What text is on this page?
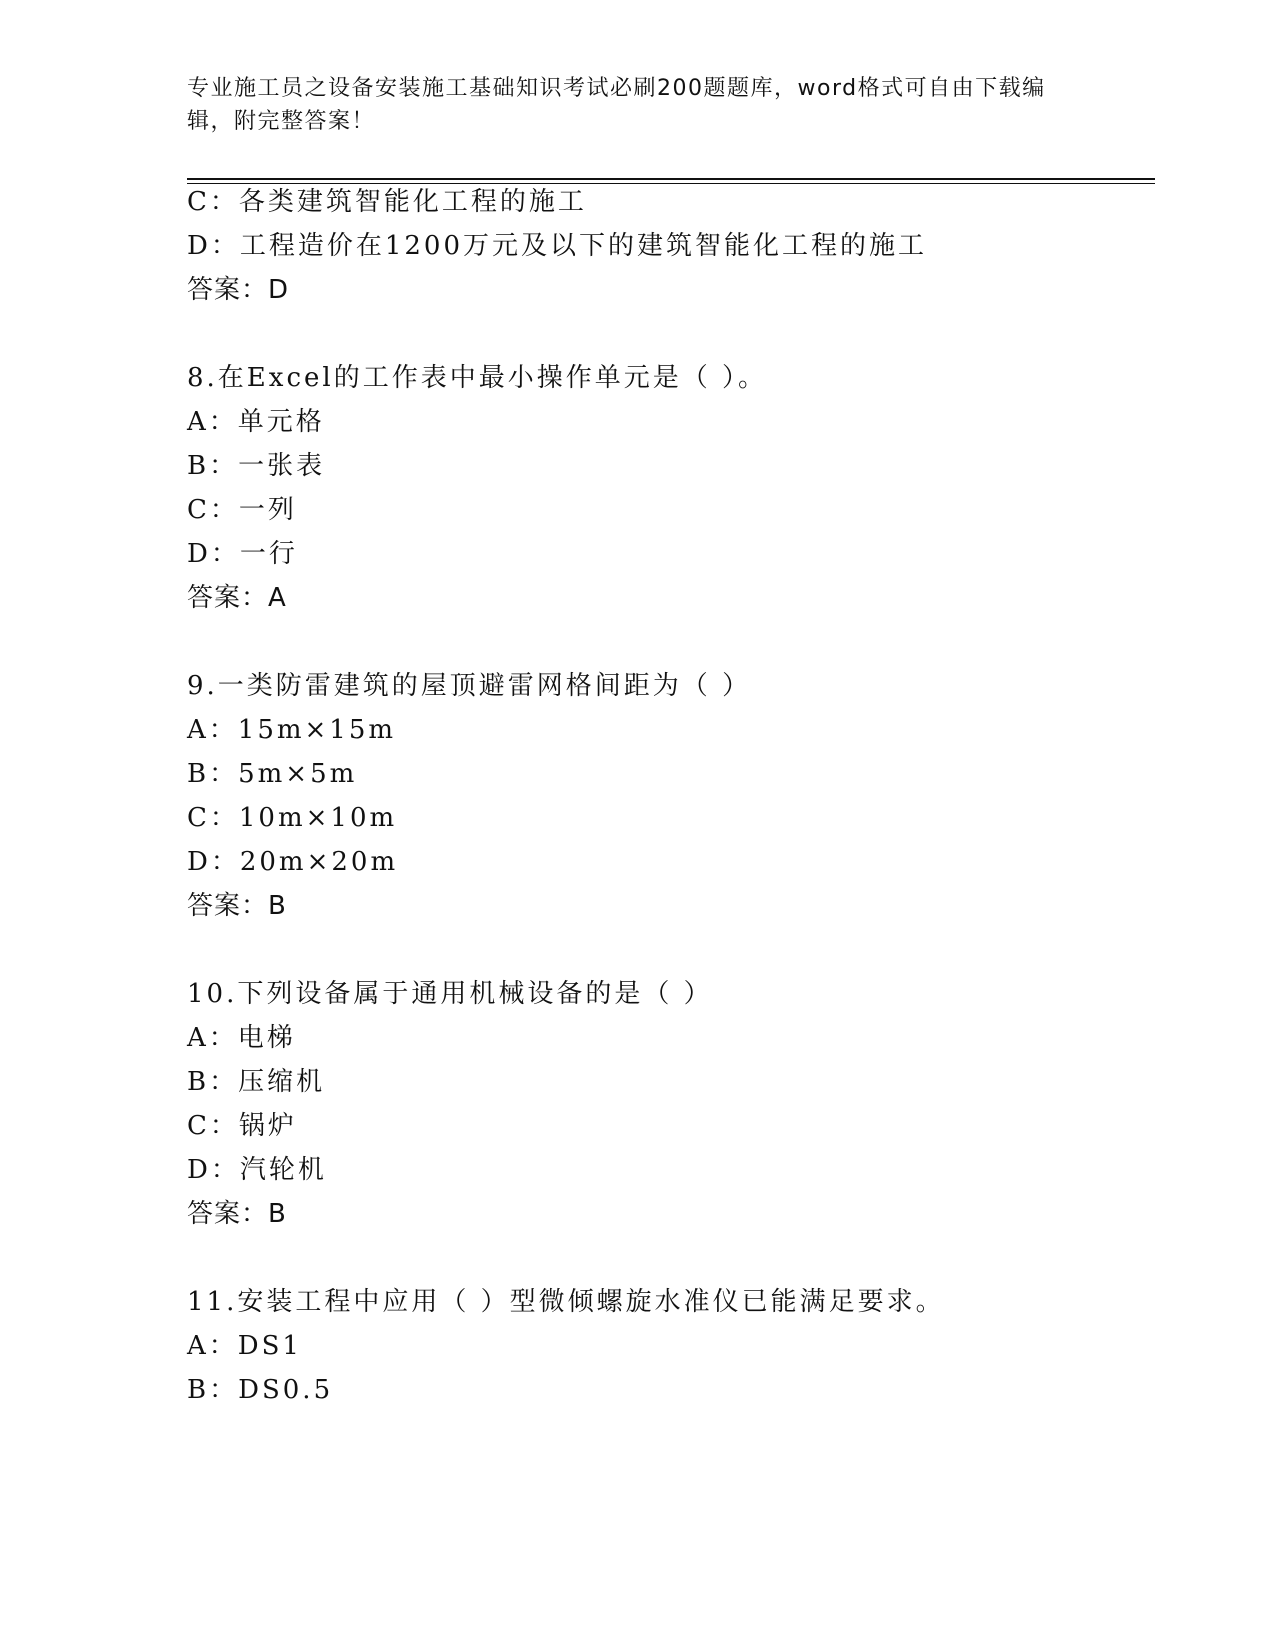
专业施工员之设备安装施工基础知识考试必刷200题题库，word格式可自由下载编辑，附完整答案！
C：各类建筑智能化工程的施工
D：工程造价在1200万元及以下的建筑智能化工程的施工
答案：D
8.在Excel的工作表中最小操作单元是（ ）。
A：单元格
B：一张表
C：一列
D：一行
答案：A
9.一类防雷建筑的屋顶避雷网格间距为（ ）
A：15m×15m
B：5m×5m
C：10m×10m
D：20m×20m
答案：B
10.下列设备属于通用机械设备的是（ ）
A：电梯
B：压缩机
C：锅炉
D：汽轮机
答案：B
11.安装工程中应用（ ）型微倾螺旋水准仪已能满足要求。
A：DS1
B：DS0.5
